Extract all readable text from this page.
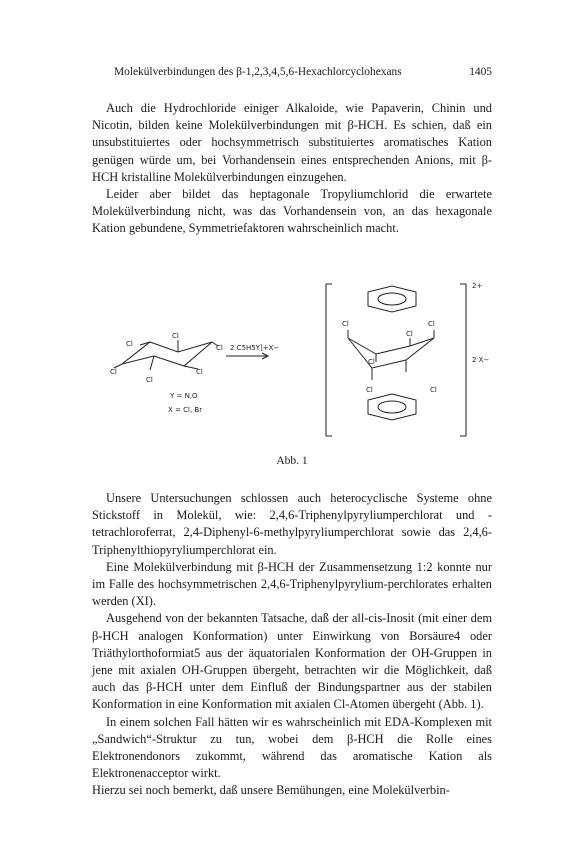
Molekülverbindungen des β-1,2,3,4,5,6-Hexachlorcyclohexans	1405

Auch die Hydrochloride einiger Alkaloide, wie Papaverin, Chinin und Nicotin, bilden keine Molekülverbindungen mit β-HCH. Es schien, daß ein unsubstituiertes oder hochsymmetrisch substituiertes aromatisches Kation genügen würde um, bei Vorhandensein eines entsprechenden Anions, mit β-HCH kristalline Molekülverbindungen einzugehen.

Leider aber bildet das heptagonale Tropyliumchlorid die erwartete Molekülverbindung nicht, was das Vorhandensein von, an das hexagonale Kation gebundene, Symmetriefaktoren wahrscheinlich macht.

Cl
Cl	Cl
Cl	Cl
Cl
Y = N,O
X = Cl, Br
2 C5H5Y]+X−
Cl	Cl
Cl
Cl
Cl	Cl
2+
2 X−
Abb. 1

Unsere Untersuchungen schlossen auch heterocyclische Systeme ohne Stickstoff in Molekül, wie: 2,4,6-Triphenylpyryliumperchlorat und -tetrachloroferrat, 2,4-Diphenyl-6-methylpyryliumperchlorat sowie das 2,4,6-Triphenylthiopyryliumperchlorat ein.

Eine Molekülverbindung mit β-HCH der Zusammensetzung 1:2 konnte nur im Falle des hochsymmetrischen 2,4,6-Triphenylpyrylium-perchlorates erhalten werden (XI).

Ausgehend von der bekannten Tatsache, daß der all-cis-Inosit (mit einer dem β-HCH analogen Konformation) unter Einwirkung von Borsäure4 oder Triäthylorthoformiat5 aus der äquatorialen Konformation der OH-Gruppen in jene mit axialen OH-Gruppen übergeht, betrachten wir die Möglichkeit, daß auch das β-HCH unter dem Einfluß der Bindungspartner aus der stabilen Konformation in eine Konformation mit axialen Cl-Atomen übergeht (Abb. 1).

In einem solchen Fall hätten wir es wahrscheinlich mit EDA-Komplexen mit „Sandwich“-Struktur zu tun, wobei dem β-HCH die Rolle eines Elektronendonors zukommt, während das aromatische Kation als Elektronenacceptor wirkt.

Hierzu sei noch bemerkt, daß unsere Bemühungen, eine Molekülverbin-
